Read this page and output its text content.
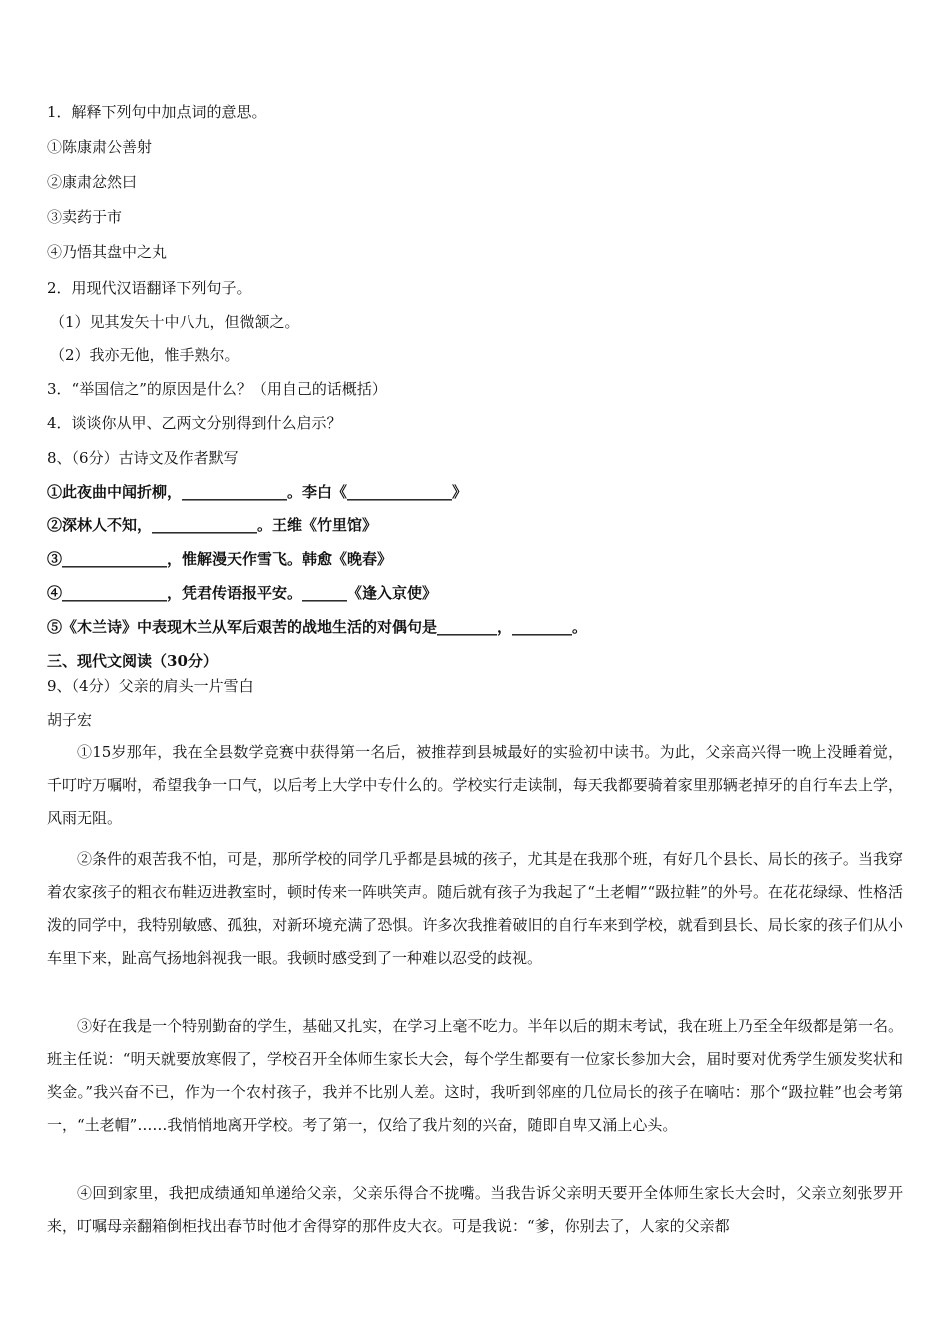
1．解释下列句中加点词的意思。
①陈康肃公善射
②康肃忿然曰
③卖药于市
④乃悟其盘中之丸
2．用现代汉语翻译下列句子。
（1）见其发矢十中八九，但微颔之。
（2）我亦无他，惟手熟尔。
3．“举国信之”的原因是什么？（用自己的话概括）
4．谈谈你从甲、乙两文分别得到什么启示？
8、（6分）古诗文及作者默写
①此夜曲中闻折柳，______________。李白《______________》
②深林人不知，______________。王维《竹里馆》
③______________，惟解漫天作雪飞。韩愈《晚春》
④______________，凭君传语报平安。______《逢入京使》
⑤《木兰诗》中表现木兰从军后艰苦的战地生活的对偶句是________，________。
三、现代文阅读（30分）
9、（4分）父亲的肩头一片雪白
胡子宏

①15岁那年，我在全县数学竞赛中获得第一名后，被推荐到县城最好的实验初中读书。为此，父亲高兴得一晚上没睡着觉，千叮咛万嘱咐，希望我争一口气，以后考上大学中专什么的。学校实行走读制，每天我都要骑着家里那辆老掉牙的自行车去上学，风雨无阻。

②条件的艰苦我不怕，可是，那所学校的同学几乎都是县城的孩子，尤其是在我那个班，有好几个县长、局长的孩子。当我穿着农家孩子的粗衣布鞋迈进教室时，顿时传来一阵哄笑声。随后就有孩子为我起了“土老帽”“趿拉鞋”的外号。在花花绿绿、性格活泼的同学中，我特别敏感、孤独，对新环境充满了恐惧。许多次我推着破旧的自行车来到学校，就看到县长、局长家的孩子们从小车里下来，趾高气扬地斜视我一眼。我顿时感受到了一种难以忍受的歧视。

③好在我是一个特别勤奋的学生，基础又扎实，在学习上毫不吃力。半年以后的期末考试，我在班上乃至全年级都是第一名。班主任说：“明天就要放寒假了，学校召开全体师生家长大会，每个学生都要有一位家长参加大会，届时要对优秀学生颁发奖状和奖金。”我兴奋不已，作为一个农村孩子，我并不比别人差。这时，我听到邻座的几位局长的孩子在嘀咕：那个“趿拉鞋”也会考第一，“土老帽”……我悄悄地离开学校。考了第一，仅给了我片刻的兴奋，随即自卑又涌上心头。

④回到家里，我把成绩通知单递给父亲，父亲乐得合不拢嘴。当我告诉父亲明天要开全体师生家长大会时，父亲立刻张罗开来，叮嘱母亲翻箱倒柜找出春节时他才舍得穿的那件皮大衣。可是我说：“爹，你别去了，人家的父亲都
